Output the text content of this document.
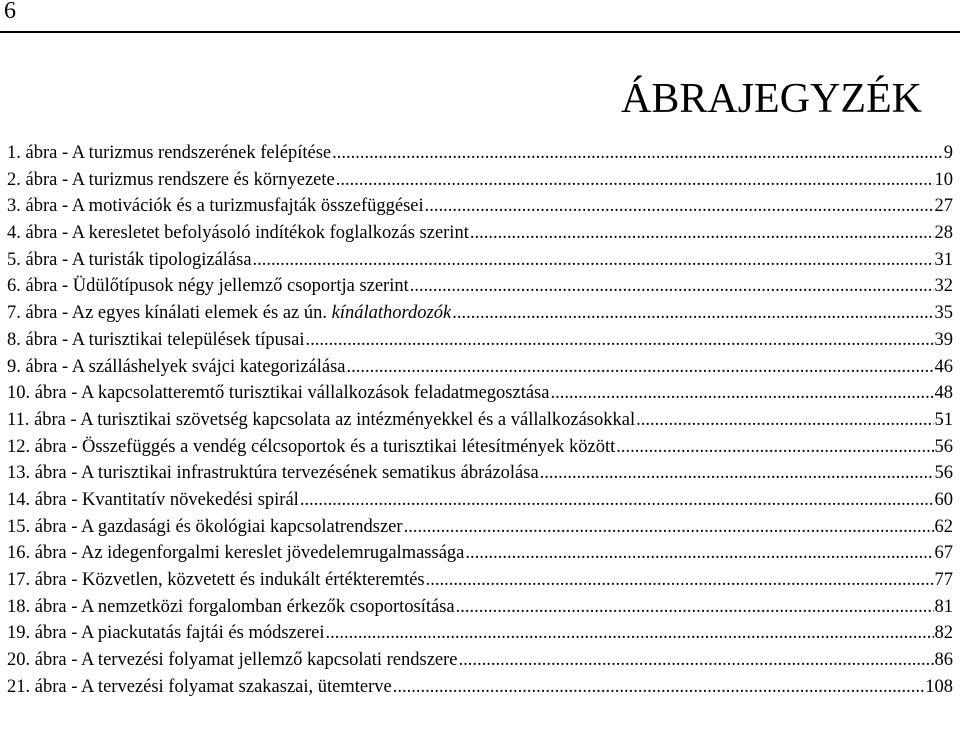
6
ÁBRAJEGYZÉK
1. ábra - A turizmus rendszerének felépítése .....	9
2. ábra - A turizmus rendszere és környezete .....	10
3. ábra - A motivációk és a turizmusfajták összefüggései .....	27
4. ábra - A keresletet befolyásoló indítékok foglalkozás szerint .....	28
5. ábra - A turisták tipologizálása .....	31
6. ábra - Üdülőtípusok négy jellemző csoportja szerint .....	32
7. ábra - Az egyes kínálati elemek és az ún. kínálathordozók .....	35
8. ábra - A turisztikai települések típusai .....	39
9. ábra - A szálláshelyek svájci kategorizálása .....	46
10. ábra - A kapcsolatteremtő turisztikai vállalkozások feladatmegosztása .....	48
11. ábra - A turisztikai szövetség kapcsolata az intézményekkel és a vállalkozásokkal .....	51
12. ábra - Összefüggés a vendég célcsoportok és a turisztikai létesítmények között .....	56
13. ábra - A turisztikai infrastruktúra tervezésének sematikus ábrázolása .....	56
14. ábra - Kvantitatív növekedési spirál .....	60
15. ábra - A gazdasági és ökológiai kapcsolatrendszer .....	62
16. ábra - Az idegenforgalmi kereslet jövedelemrugalmassága .....	67
17. ábra - Közvetlen, közvetett és indukált értékteremtés .....	77
18. ábra - A nemzetközi forgalomban érkezők csoportosítása .....	81
19. ábra - A piackutatás fajtái és módszerei .....	82
20. ábra - A tervezési folyamat jellemző kapcsolati rendszere .....	86
21. ábra - A tervezési folyamat szakaszai, ütemterve .....	108
